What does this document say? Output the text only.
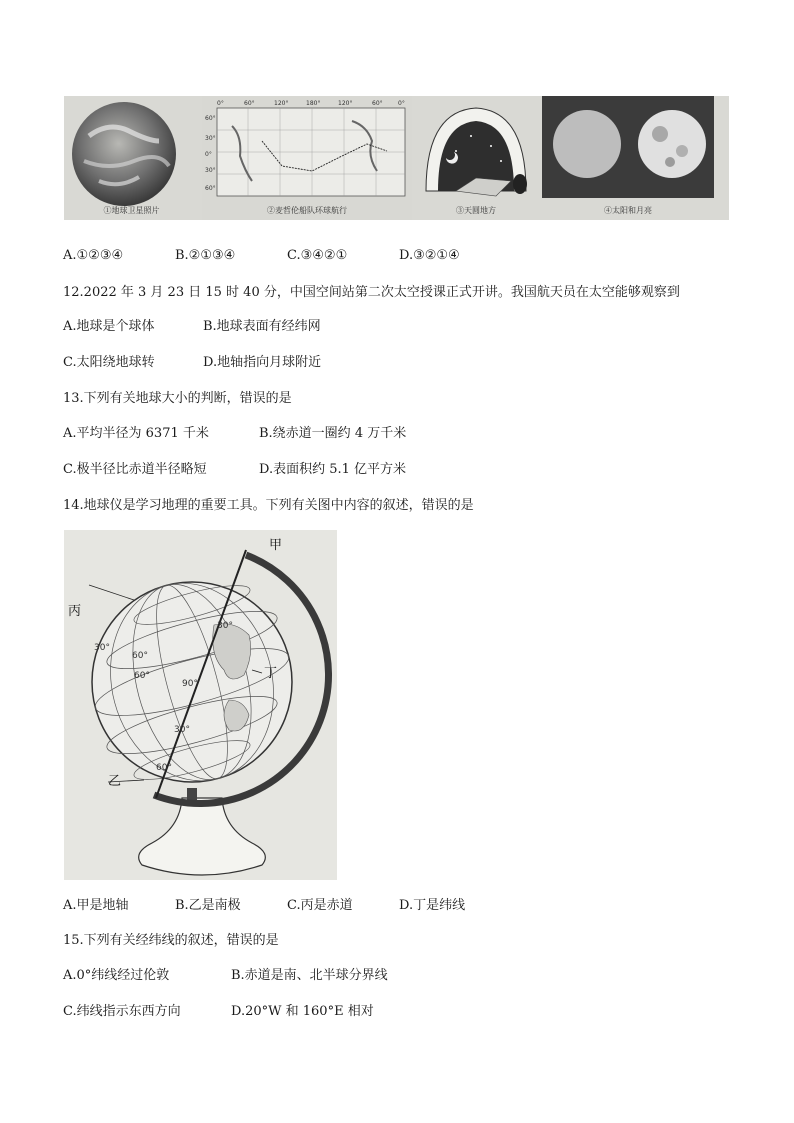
①地球卫星照片
0°	60°	120°	180°	120°	60°	0°
60°
30°
0°
30°
60°
②麦哲伦船队环球航行	③天圆地方	④太阳和月亮
A.①②③④	B.②①③④	C.③④②①	D.③②①④
12.2022 年 3 月 23 日 15 时 40 分，中国空间站第二次太空授课正式开讲。我国航天员在太空能够观察到
A.地球是个球体	B.地球表面有经纬网
C.太阳绕地球转	D.地轴指向月球附近
13.下列有关地球大小的判断，错误的是
A.平均半径为 6371 千米	B.绕赤道一圈约 4 万千米
C.极半径比赤道半径略短	D.表面积约 5.1 亿平方米
14.地球仪是学习地理的重要工具。下列有关图中内容的叙述，错误的是
30°
30°
60°
90°
30°
60°
60°
甲
丙
丁
乙
A.甲是地轴	B.乙是南极	C.丙是赤道	D.丁是纬线
15.下列有关经纬线的叙述，错误的是
A.0°纬线经过伦敦	B.赤道是南、北半球分界线
C.纬线指示东西方向	D.20°W 和 160°E 相对
